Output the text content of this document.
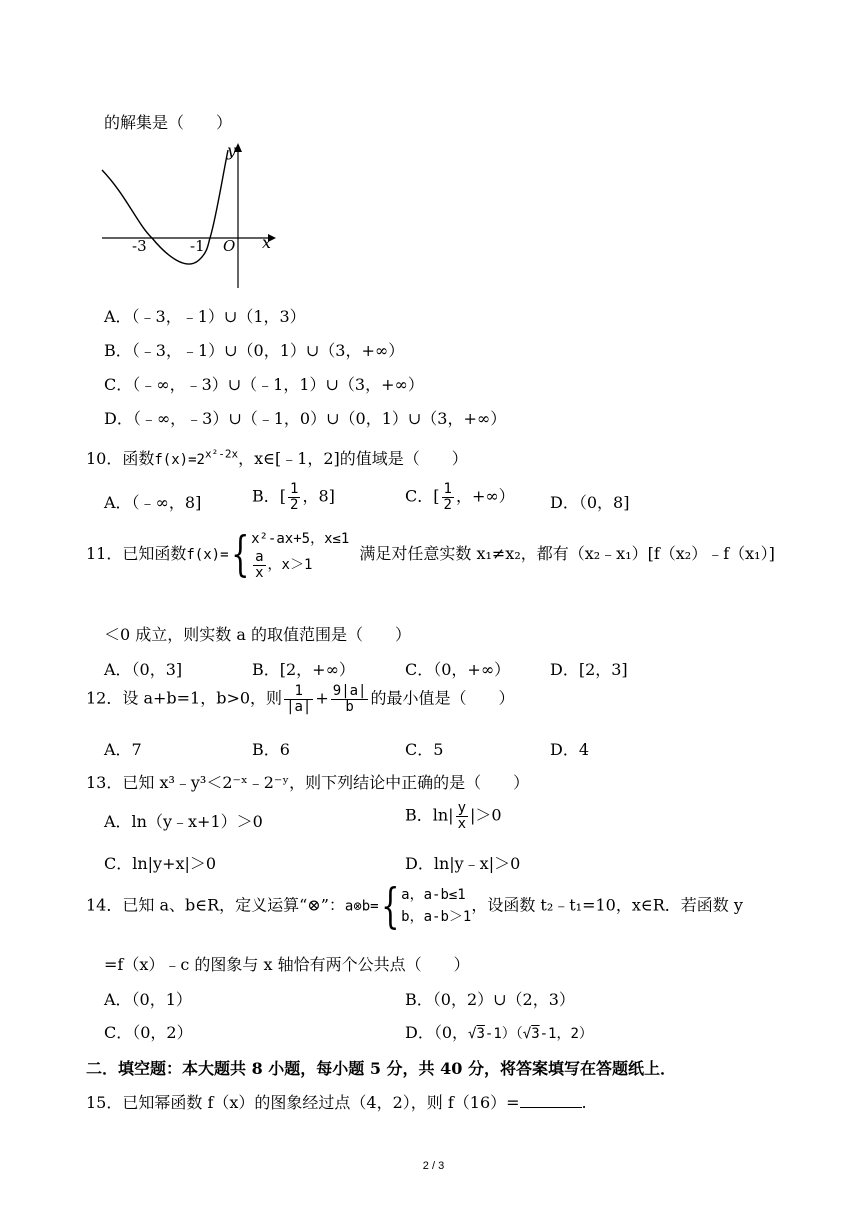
的解集是（　　）
y
x
-3	-1 O
A．（﹣3，﹣1）∪（1，3）
B．（﹣3，﹣1）∪（0，1）∪（3，+∞）
C．（﹣∞，﹣3）∪（﹣1，1）∪（3，+∞）
D．（﹣∞，﹣3）∪（﹣1，0）∪（0，1）∪（3，+∞）
10．函数$f(x)=2^{x^2-2x}$，x∈[﹣1，2]的值域是（　　）
A．（﹣∞，8]	B．[ $\frac{1}{2}$ ，8]	C．[ $\frac{1}{2}$ ，+∞） D．（0，8]
11．已知函数f(x)={ x²-ax+5，x≤1
$\frac{a}{x}$ ，x＞1
满足对任意实数 x₁≠x₂，都有（x₂﹣x₁）[f（x₂）﹣f（x₁）]
＜0 成立，则实数 a 的取值范围是（　　）
A．（0，3]	B．[2，+∞）	C．（0，+∞） D．[2，3]
12．设 a+b=1，b>0，则 $\frac{1}{|a|} + \frac{9|a|}{b}$ 的最小值是（　　）
A．7	B．6	C．5	D．4
13．已知 x³﹣y³＜2⁻ˣ﹣2⁻ʸ，则下列结论中正确的是（　　）
A．ln（y﹣x+1）＞0	B．$\ln| \frac{y}{x} |>0$
C．ln|y+x|＞0	D．ln|y﹣x|＞0
14．已知 a、b∈R，定义运算“⊗”：a⊗b={ a，a-b≤1
b，a-b＞1
，设函数 t₂﹣t₁=10，x∈R．若函数 y
=f（x）﹣c 的图象与 x 轴恰有两个公共点（　　）
A．（0，1）	B．（0，2）∪（2，3）
C．（0，2）	D．（0，√3-1）（√3-1，2）
二．填空题：本大题共 8 小题，每小题 5 分，共 40 分，将答案填写在答题纸上．
15．已知幂函数 f（x）的图象经过点（4，2），则 f（16）=	.
2 / 3
